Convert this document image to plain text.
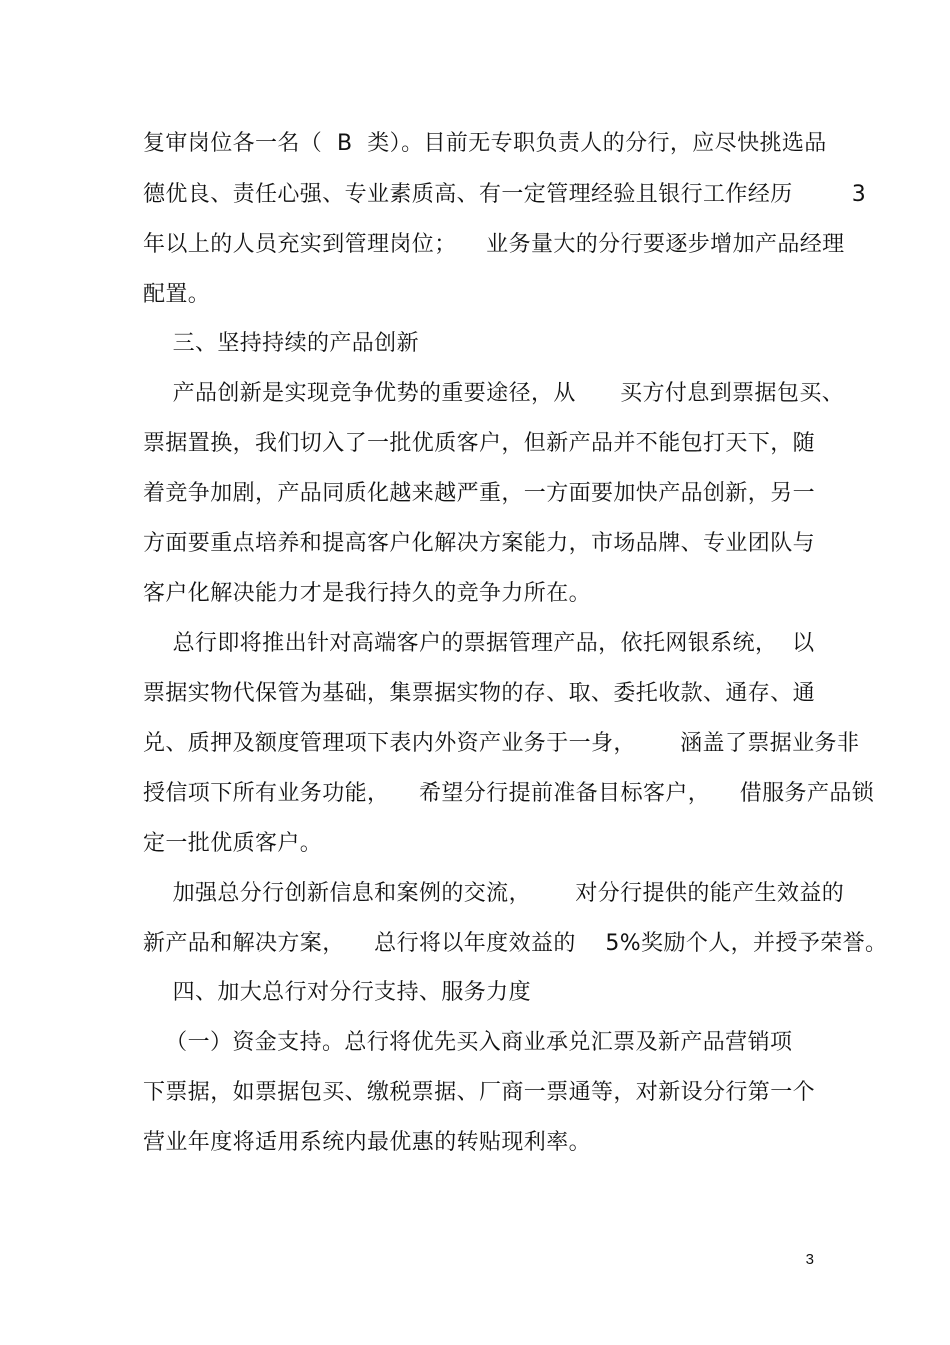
复审岗位各一名（  B  类）。目前无专职负责人的分行，应尽快挑选品
德优良、责任心强、专业素质高、有一定管理经验且银行工作经历        3
年以上的人员充实到管理岗位；    业务量大的分行要逐步增加产品经理
配置。
三、坚持持续的产品创新
产品创新是实现竞争优势的重要途径，从      买方付息到票据包买、
票据置换，我们切入了一批优质客户，但新产品并不能包打天下，随
着竞争加剧，产品同质化越来越严重，一方面要加快产品创新，另一
方面要重点培养和提高客户化解决方案能力，市场品牌、专业团队与
客户化解决能力才是我行持久的竞争力所在。
总行即将推出针对高端客户的票据管理产品，依托网银系统，  以
票据实物代保管为基础，集票据实物的存、取、委托收款、通存、通
兑、质押及额度管理项下表内外资产业务于一身，      涵盖了票据业务非
授信项下所有业务功能，    希望分行提前准备目标客户，    借服务产品锁
定一批优质客户。
加强总分行创新信息和案例的交流，      对分行提供的能产生效益的
新产品和解决方案，    总行将以年度效益的    5%奖励个人，并授予荣誉。
四、加大总行对分行支持、服务力度
（一）资金支持。总行将优先买入商业承兑汇票及新产品营销项
下票据，如票据包买、缴税票据、厂商一票通等，对新设分行第一个
营业年度将适用系统内最优惠的转贴现利率。
3
